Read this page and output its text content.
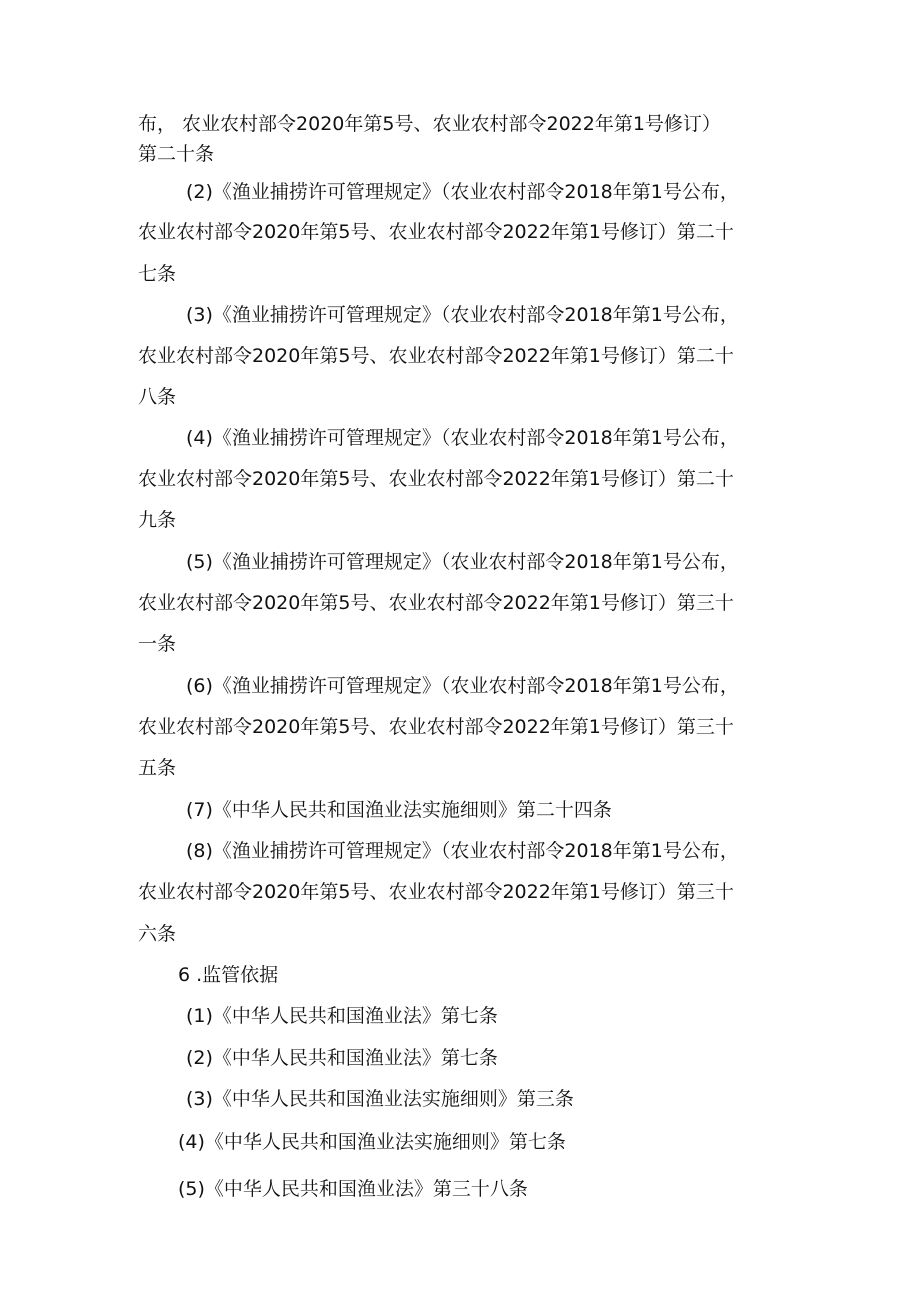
布， 农业农村部令2020年第5号、农业农村部令2022年第1号修订）
第二十条
(2)《渔业捕捞许可管理规定》（农业农村部令2018年第1号公布，
农业农村部令2020年第5号、农业农村部令2022年第1号修订）第二十
七条
(3)《渔业捕捞许可管理规定》（农业农村部令2018年第1号公布，
农业农村部令2020年第5号、农业农村部令2022年第1号修订）第二十
八条
(4)《渔业捕捞许可管理规定》（农业农村部令2018年第1号公布，
农业农村部令2020年第5号、农业农村部令2022年第1号修订）第二十
九条
(5)《渔业捕捞许可管理规定》（农业农村部令2018年第1号公布，
农业农村部令2020年第5号、农业农村部令2022年第1号修订）第三十
一条
(6)《渔业捕捞许可管理规定》（农业农村部令2018年第1号公布，
农业农村部令2020年第5号、农业农村部令2022年第1号修订）第三十
五条
(7)《中华人民共和国渔业法实施细则》第二十四条
(8)《渔业捕捞许可管理规定》（农业农村部令2018年第1号公布，
农业农村部令2020年第5号、农业农村部令2022年第1号修订）第三十
六条
6 .监管依据
(1)《中华人民共和国渔业法》第七条
(2)《中华人民共和国渔业法》第七条
(3)《中华人民共和国渔业法实施细则》第三条
(4)《中华人民共和国渔业法实施细则》第七条
(5)《中华人民共和国渔业法》第三十八条
